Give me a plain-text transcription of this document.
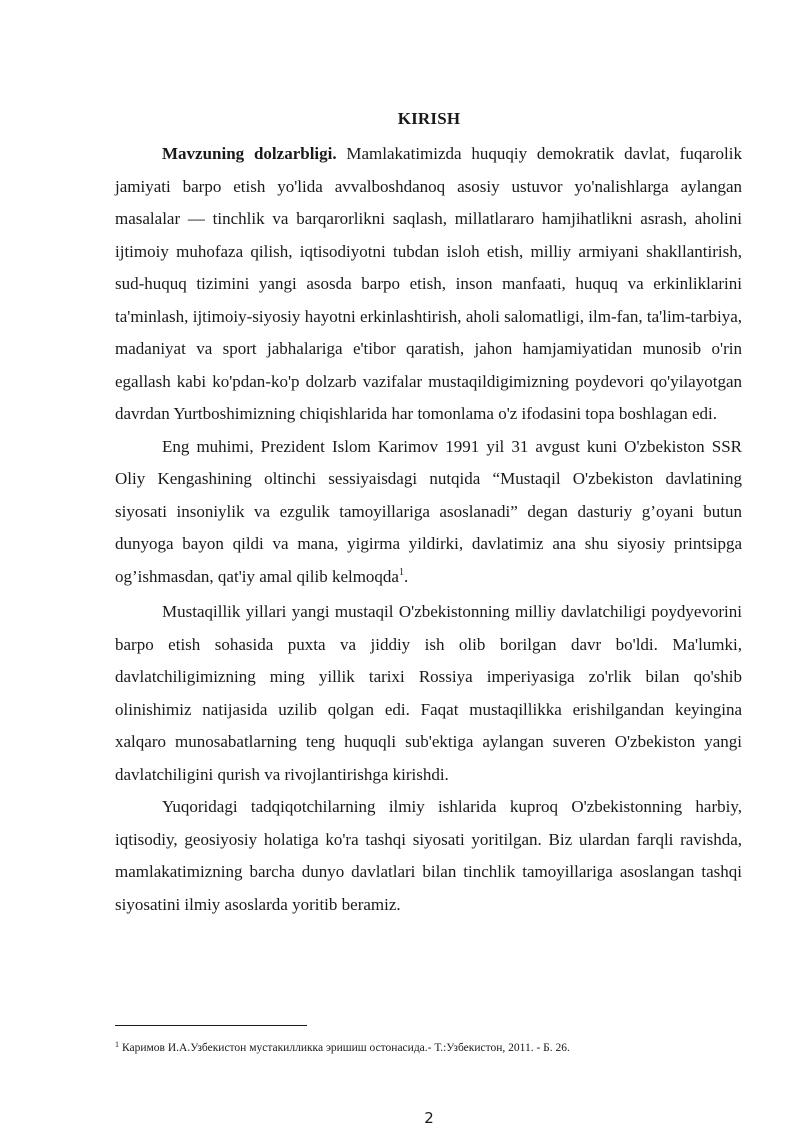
KIRISH

Mavzuning dolzarbligi. Mamlakatimizda huquqiy demokratik davlat, fuqarolik jamiyati barpo etish yo'lida avvalboshdanoq asosiy ustuvor yo'nalishlarga aylangan masalalar — tinchlik va barqarorlikni saqlash, millatlararo hamjihatlikni asrash, aholini ijtimoiy muhofaza qilish, iqtisodiyotni tubdan isloh etish, milliy armiyani shakllantirish, sud-huquq tizimini yangi asosda barpo etish, inson manfaati, huquq va erkinliklarini ta'minlash, ijtimoiy-siyosiy hayotni erkinlashtirish, aholi salomatligi, ilm-fan, ta'lim-tarbiya, madaniyat va sport jabhalariga e'tibor qaratish, jahon hamjamiyatidan munosib o'rin egallash kabi ko'pdan-ko'p dolzarb vazifalar mustaqildigimizning poydevori qo'yilayotgan davrdan Yurtboshimizning chiqishlarida har tomonlama o'z ifodasini topa boshlagan edi.

Eng muhimi, Prezident Islom Karimov 1991 yil 31 avgust kuni O'zbekiston SSR Oliy Kengashining oltinchi sessiyaisdagi nutqida “Mustaqil O'zbekiston davlatining siyosati insoniylik va ezgulik tamoyillariga asoslanadi” degan dasturiy g’oyani butun dunyoga bayon qildi va mana, yigirma yildirki, davlatimiz ana shu siyosiy printsipga og’ishmasdan, qat'iy amal qilib kelmoqda$^1$.

Mustaqillik yillari yangi mustaqil O'zbekistonning milliy davlatchiligi poydyevorini barpo etish sohasida puxta va jiddiy ish olib borilgan davr bo'ldi. Ma'lumki, davlatchiligimizning ming yillik tarixi Rossiya imperiyasiga zo'rlik bilan qo'shib olinishimiz natijasida uzilib qolgan edi. Faqat mustaqillikka erishilgandan keyingina xalqaro munosabatlarning teng huquqli sub'ektiga aylangan suveren O'zbekiston yangi davlatchiligini qurish va rivojlantirishga kirishdi.

Yuqoridagi tadqiqotchilarning ilmiy ishlarida kuproq O'zbekistonning harbiy, iqtisodiy, geosiyosiy holatiga ko'ra tashqi siyosati yoritilgan. Biz ulardan farqli ravishda, mamlakatimizning barcha dunyo davlatlari bilan tinchlik tamoyillariga asoslangan tashqi siyosatini ilmiy asoslarda yoritib beramiz.

$^1$ Каримов И.А.Узбекистон мустакилликка эришиш остонасида.- Т.:Узбекистон, 2011. - Б. 26.
2
